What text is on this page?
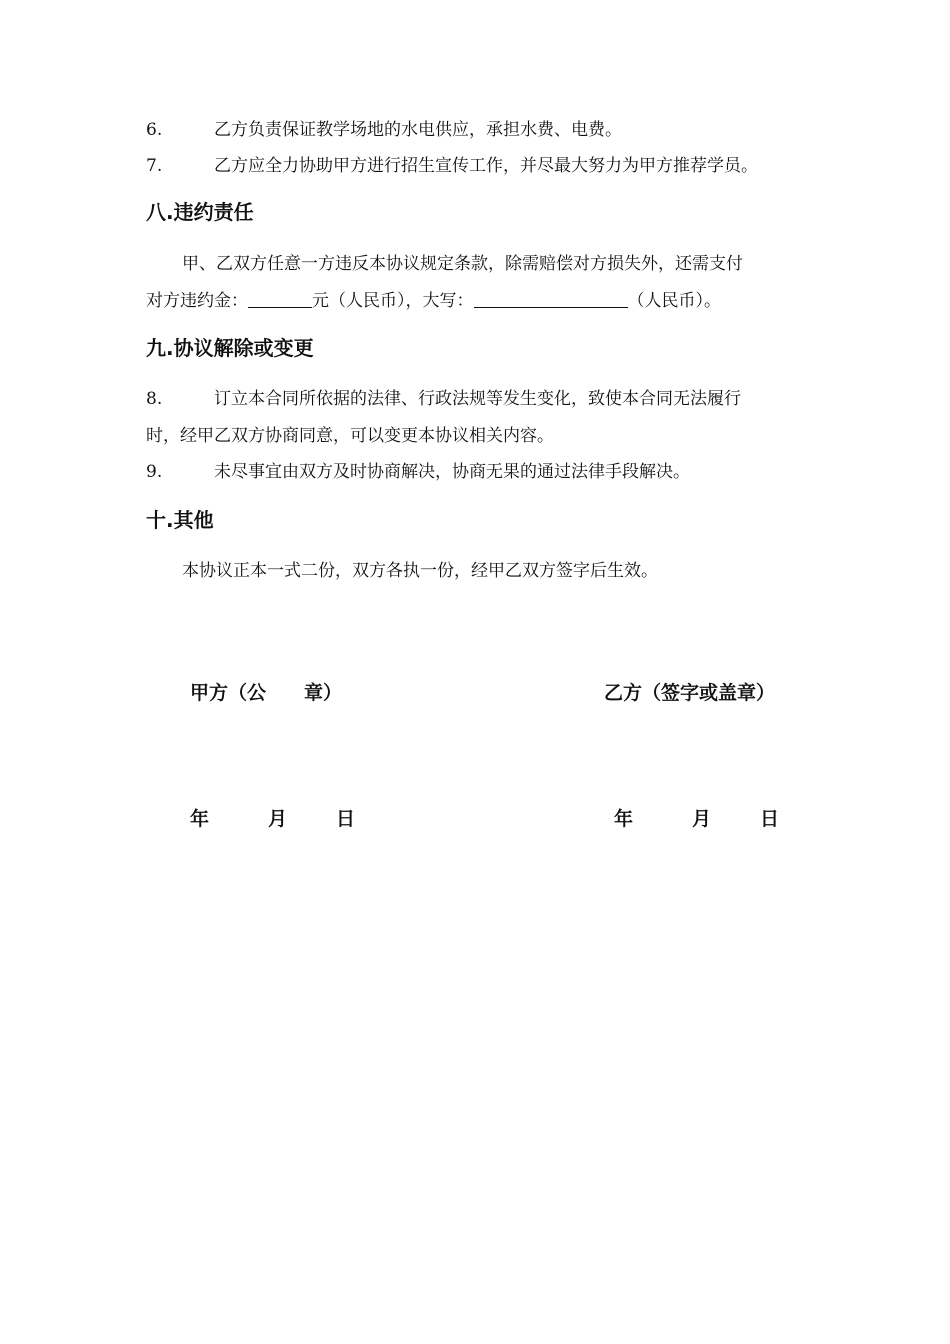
6.	乙方负责保证教学场地的水电供应，承担水费、电费。
7.	乙方应全力协助甲方进行招生宣传工作，并尽最大努力为甲方推荐学员。
八.违约责任
甲、乙双方任意一方违反本协议规定条款，除需赔偿对方损失外，还需支付
对方违约金：	元（人民币），大写：	（人民币）。
九.协议解除或变更
8.	订立本合同所依据的法律、行政法规等发生变化，致使本合同无法履行
时，经甲乙双方协商同意，可以变更本协议相关内容。
9.	未尽事宜由双方及时协商解决，协商无果的通过法律手段解决。
十.其他
本协议正本一式二份，双方各执一份，经甲乙双方签字后生效。
甲方（公　　章）	乙方（签字或盖章）
年	月	日	年	月	日
